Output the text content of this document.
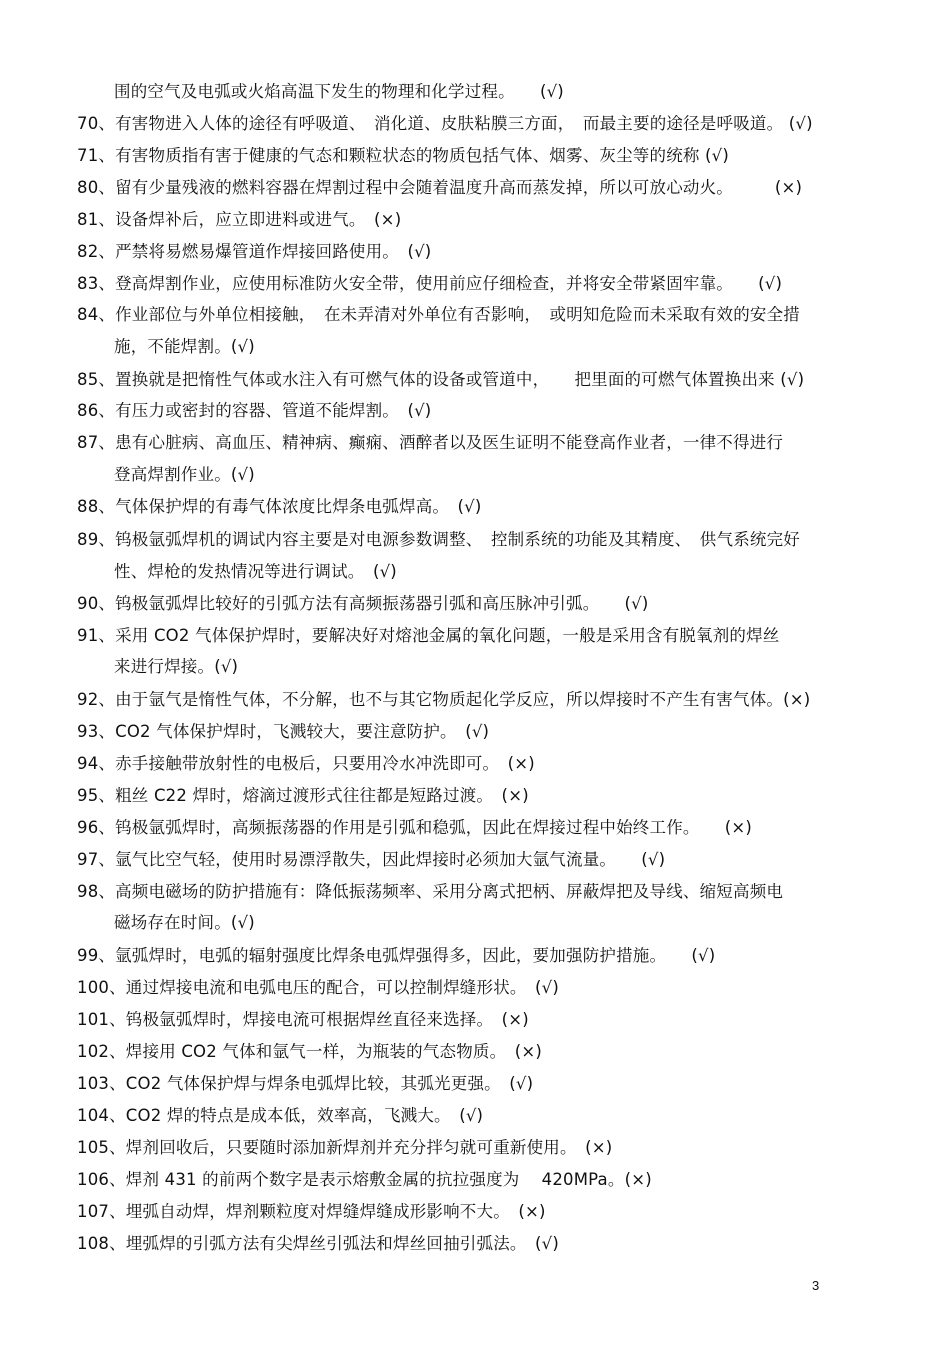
围的空气及电弧或火焰高温下发生的物理和化学过程。　　(√)
70、有害物进入人体的途径有呼吸道、　消化道、皮肤粘膜三方面，　而最主要的途径是呼吸道。 (√)
71、有害物质指有害于健康的气态和颗粒状态的物质包括气体、烟雾、灰尘等的统称 (√)
80、留有少量残液的燃料容器在焊割过程中会随着温度升高而蒸发掉，所以可放心动火。　　　(×)
81、设备焊补后，应立即进料或进气。　(×)
82、严禁将易燃易爆管道作焊接回路使用。　(√)
83、登高焊割作业，应使用标准防火安全带，使用前应仔细检查，并将安全带紧固牢靠。　　(√)
84、作业部位与外单位相接触，　在未弄清对外单位有否影响，　或明知危险而未采取有效的安全措
施，不能焊割。(√)
85、置换就是把惰性气体或水注入有可燃气体的设备或管道中，　　把里面的可燃气体置换出来 (√)
86、有压力或密封的容器、管道不能焊割。　(√)
87、患有心脏病、高血压、精神病、癫痫、酒醉者以及医生证明不能登高作业者，一律不得进行
登高焊割作业。(√)
88、气体保护焊的有毒气体浓度比焊条电弧焊高。　(√)
89、钨极氩弧焊机的调试内容主要是对电源参数调整、　控制系统的功能及其精度、　供气系统完好
性、焊枪的发热情况等进行调试。　(√)
90、钨极氩弧焊比较好的引弧方法有高频振荡器引弧和高压脉冲引弧。　　(√)
91、采用 CO2 气体保护焊时，要解决好对熔池金属的氧化问题，一般是采用含有脱氧剂的焊丝
来进行焊接。(√)
92、由于氩气是惰性气体，不分解，也不与其它物质起化学反应，所以焊接时不产生有害气体。(×)
93、CO2 气体保护焊时，飞溅较大，要注意防护。　(√)
94、赤手接触带放射性的电极后，只要用冷水冲洗即可。　(×)
95、粗丝 C22 焊时，熔滴过渡形式往往都是短路过渡。　(×)
96、钨极氩弧焊时，高频振荡器的作用是引弧和稳弧，因此在焊接过程中始终工作。　　(×)
97、氩气比空气轻，使用时易漂浮散失，因此焊接时必须加大氩气流量。　　(√)
98、高频电磁场的防护措施有：降低振荡频率、采用分离式把柄、屏蔽焊把及导线、缩短高频电
磁场存在时间。(√)
99、氩弧焊时，电弧的辐射强度比焊条电弧焊强得多，因此，要加强防护措施。　　(√)
100、通过焊接电流和电弧电压的配合，可以控制焊缝形状。　(√)
101、钨极氩弧焊时，焊接电流可根据焊丝直径来选择。　(×)
102、焊接用 CO2 气体和氩气一样，为瓶装的气态物质。　(×)
103、CO2 气体保护焊与焊条电弧焊比较，其弧光更强。　(√)
104、CO2 焊的特点是成本低，效率高，飞溅大。　(√)
105、焊剂回收后，只要随时添加新焊剂并充分拌匀就可重新使用。　(×)
106、焊剂 431 的前两个数字是表示熔敷金属的抗拉强度为　 420MPa。(×)
107、埋弧自动焊，焊剂颗粒度对焊缝焊缝成形影响不大。　(×)
108、埋弧焊的引弧方法有尖焊丝引弧法和焊丝回抽引弧法。　(√)
3
